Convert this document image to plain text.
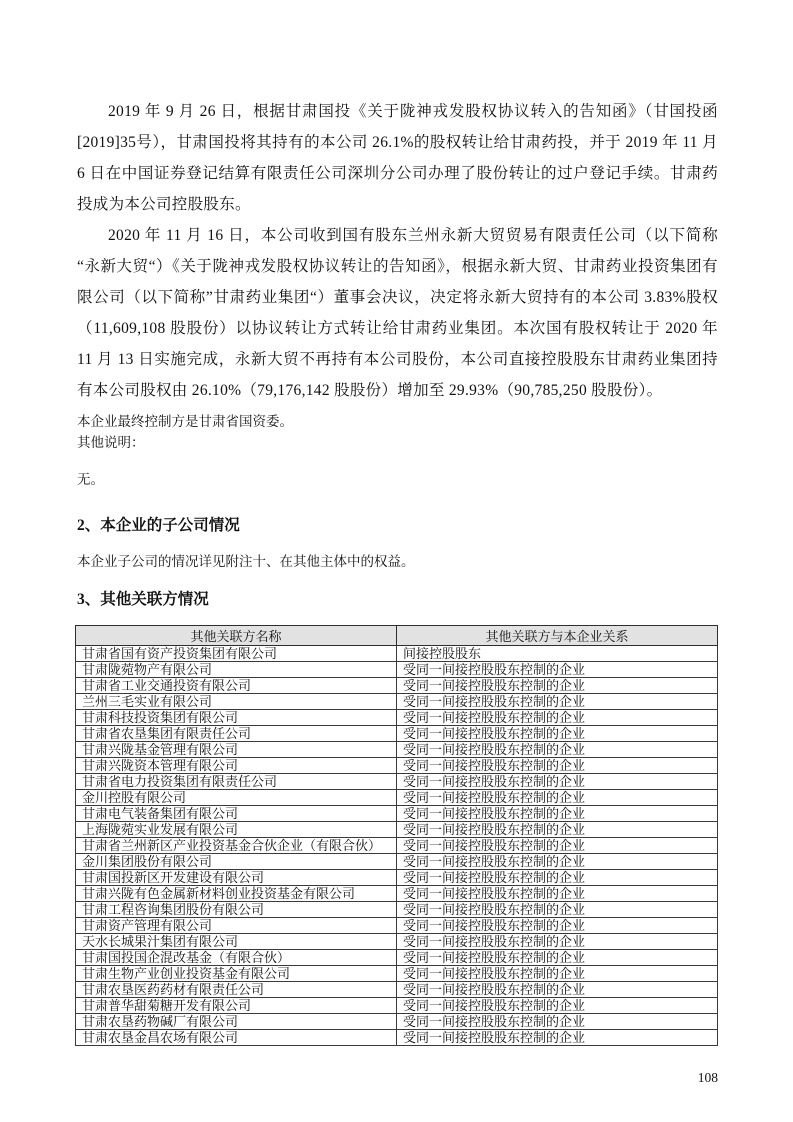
2019 年 9 月 26 日，根据甘肃国投《关于陇神戎发股权协议转入的告知函》（甘国投函[2019]35号），甘肃国投将其持有的本公司 26.1%的股权转让给甘肃药投，并于 2019 年 11 月 6 日在中国证券登记结算有限责任公司深圳分公司办理了股份转让的过户登记手续。甘肃药投成为本公司控股股东。

2020 年 11 月 16 日，本公司收到国有股东兰州永新大贸贸易有限责任公司（以下简称“永新大贸“）《关于陇神戎发股权协议转让的告知函》，根据永新大贸、甘肃药业投资集团有限公司（以下简称”甘肃药业集团“）董事会决议，决定将永新大贸持有的本公司 3.83%股权（11,609,108 股股份）以协议转让方式转让给甘肃药业集团。本次国有股权转让于 2020 年 11 月 13 日实施完成，永新大贸不再持有本公司股份，本公司直接控股股东甘肃药业集团持有本公司股权由 26.10%（79,176,142 股股份）增加至 29.93%（90,785,250 股股份）。

本企业最终控制方是甘肃省国资委。

其他说明：

无。

2、本企业的子公司情况

本企业子公司的情况详见附注十、在其他主体中的权益。

3、其他关联方情况
其他关联方名称	其他关联方与本企业关系
甘肃省国有资产投资集团有限公司	间接控股股东
甘肃陇菀物产有限公司	受同一间接控股股东控制的企业
甘肃省工业交通投资有限公司	受同一间接控股股东控制的企业
兰州三毛实业有限公司	受同一间接控股股东控制的企业
甘肃科技投资集团有限公司	受同一间接控股股东控制的企业
甘肃省农垦集团有限责任公司	受同一间接控股股东控制的企业
甘肃兴陇基金管理有限公司	受同一间接控股股东控制的企业
甘肃兴陇资本管理有限公司	受同一间接控股股东控制的企业
甘肃省电力投资集团有限责任公司	受同一间接控股股东控制的企业
金川控股有限公司	受同一间接控股股东控制的企业
甘肃电气装备集团有限公司	受同一间接控股股东控制的企业
上海陇菀实业发展有限公司	受同一间接控股股东控制的企业
甘肃省兰州新区产业投资基金合伙企业（有限合伙）	受同一间接控股股东控制的企业
金川集团股份有限公司	受同一间接控股股东控制的企业
甘肃国投新区开发建设有限公司	受同一间接控股股东控制的企业
甘肃兴陇有色金属新材料创业投资基金有限公司	受同一间接控股股东控制的企业
甘肃工程咨询集团股份有限公司	受同一间接控股股东控制的企业
甘肃资产管理有限公司	受同一间接控股股东控制的企业
天水长城果汁集团有限公司	受同一间接控股股东控制的企业
甘肃国投国企混改基金（有限合伙）	受同一间接控股股东控制的企业
甘肃生物产业创业投资基金有限公司	受同一间接控股股东控制的企业
甘肃农垦医药药材有限责任公司	受同一间接控股股东控制的企业
甘肃普华甜菊糖开发有限公司	受同一间接控股股东控制的企业
甘肃农垦药物碱厂有限公司	受同一间接控股股东控制的企业
甘肃农垦金昌农场有限公司	受同一间接控股股东控制的企业

108
